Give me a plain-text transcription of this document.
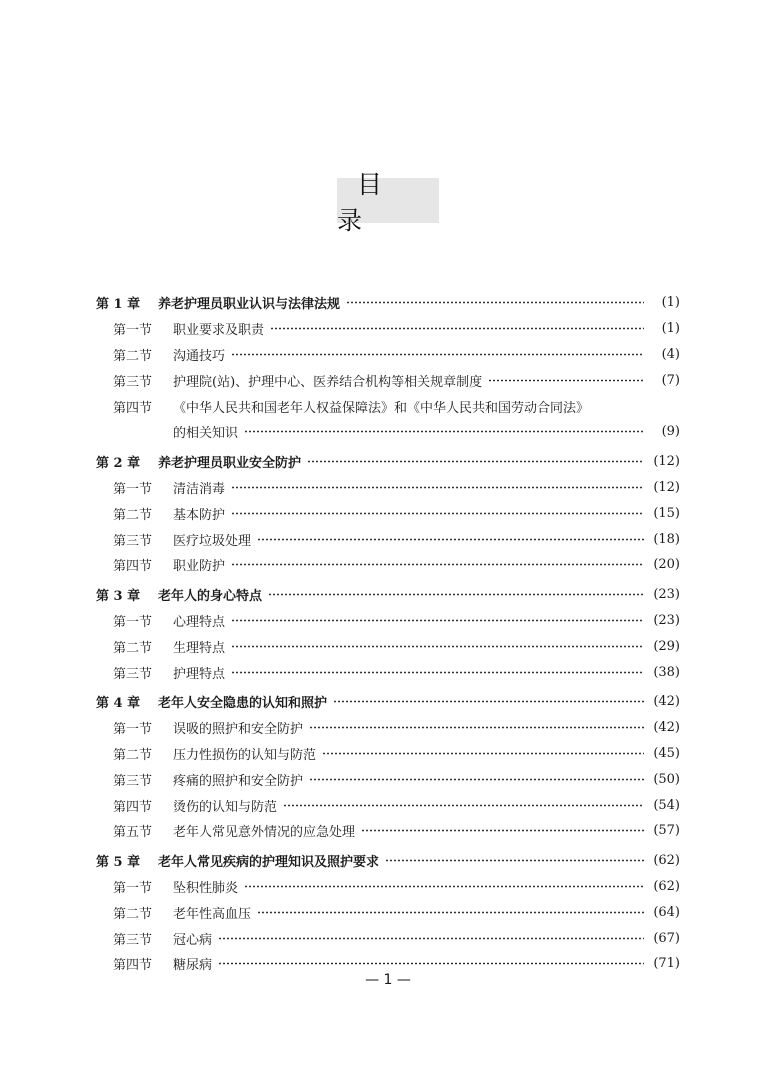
目 录
第 1 章	养老护理员职业认识与法律法规	(1)
第一节	职业要求及职责	(1)
第二节	沟通技巧	(4)
第三节	护理院(站)、护理中心、医养结合机构等相关规章制度	(7)
第四节	《中华人民共和国老年人权益保障法》和《中华人民共和国劳动合同法》
的相关知识	(9)
第 2 章	养老护理员职业安全防护	(12)
第一节	清洁消毒	(12)
第二节	基本防护	(15)
第三节	医疗垃圾处理	(18)
第四节	职业防护	(20)
第 3 章	老年人的身心特点	(23)
第一节	心理特点	(23)
第二节	生理特点	(29)
第三节	护理特点	(38)
第 4 章	老年人安全隐患的认知和照护	(42)
第一节	误吸的照护和安全防护	(42)
第二节	压力性损伤的认知与防范	(45)
第三节	疼痛的照护和安全防护	(50)
第四节	烫伤的认知与防范	(54)
第五节	老年人常见意外情况的应急处理	(57)
第 5 章	老年人常见疾病的护理知识及照护要求	(62)
第一节	坠积性肺炎	(62)
第二节	老年性高血压	(64)
第三节	冠心病	(67)
第四节	糖尿病	(71)
— 1 —
